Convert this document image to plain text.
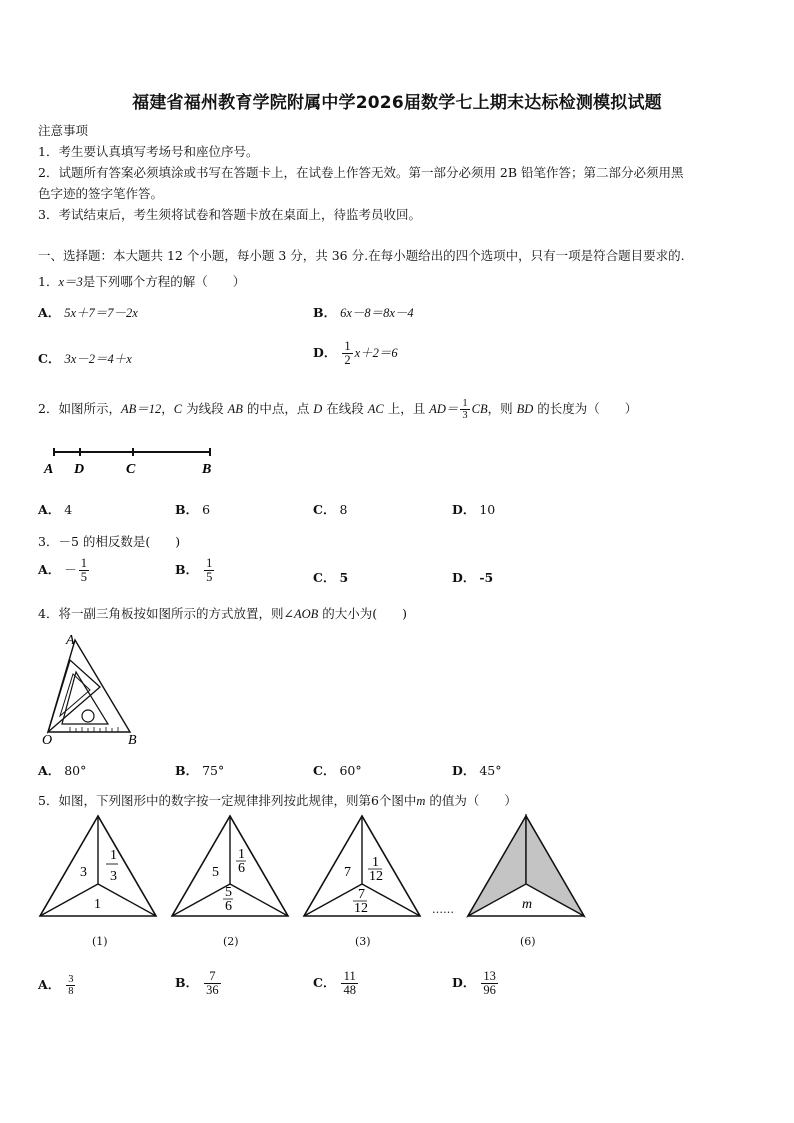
福建省福州教育学院附属中学2026届数学七上期末达标检测模拟试题
注意事项
1．考生要认真填写考场号和座位序号。
2．试题所有答案必须填涂或书写在答题卡上，在试卷上作答无效。第一部分必须用 2B 铅笔作答；第二部分必须用黑
色字迹的签字笔作答。
3．考试结束后，考生须将试卷和答题卡放在桌面上，待监考员收回。
一、选择题：本大题共 12 个小题，每小题 3 分，共 36 分.在每小题给出的四个选项中，只有一项是符合题目要求的.
1．x＝3是下列哪个方程的解（　　）
A． 5x＋7＝7－2x	B． 6x－8＝8x－4
C． 3x－2＝4＋x	D． $\frac{1}{2} x+2=6$
2．如图所示，AB＝12，C 为线段 AB 的中点，点 D 在线段 AC 上，且 $AD= \frac{1}{3}$ CB，则 BD 的长度为（　　）
A D	C	B
A． 4	B． 6	C． 8	D． 10
3．－5 的相反数是(　　)
A． － $\frac{1}{5}$	B． $\frac{1}{5}$	C． 5	D． -5
4．将一副三角板按如图所示的方式放置，则∠AOB 的大小为(　　)
A
O	B
A． 80°	B． 75°	C． 60°	D． 45°
5．如图，下列图形中的数字按一定规律排列按此规律，则第6个图中m 的值为（　　）
3
1
3
1
(1)
5
1
6
5
6
(2)
7
1
12
7
12
(3)
……	m
(6)
A． $\frac{3}{8}$	B． $\frac{7}{36}$	C． $\frac{11}{48}$	D． $\frac{13}{96}$
